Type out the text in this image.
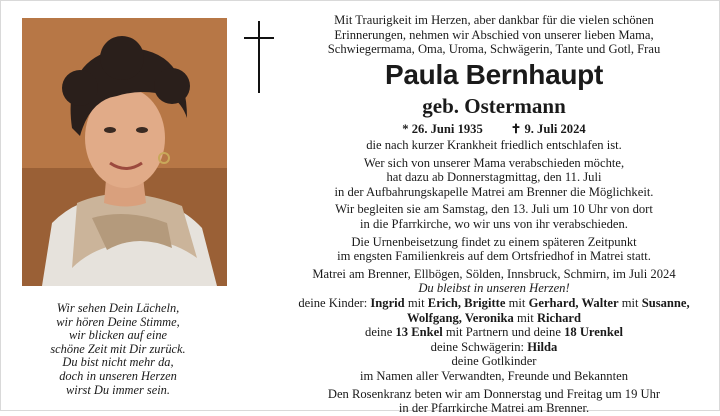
Mit Traurigkeit im Herzen, aber dankbar für die vielen schönen
Erinnerungen, nehmen wir Abschied von unserer lieben Mama,
Schwiegermama, Oma, Uroma, Schwägerin, Tante und Gotl, Frau
Paula Bernhaupt
geb. Ostermann
* 26. Juni 1935 ✝ 9. Juli 2024
die nach kurzer Krankheit friedlich entschlafen ist.
Wer sich von unserer Mama verabschieden möchte,
hat dazu ab Donnerstagmittag, den 11. Juli
in der Aufbahrungskapelle Matrei am Brenner die Möglichkeit.
Wir begleiten sie am Samstag, den 13. Juli um 10 Uhr von dort
in die Pfarrkirche, wo wir uns von ihr verabschieden.
Die Urnenbeisetzung findet zu einem späteren Zeitpunkt
im engsten Familienkreis auf dem Ortsfriedhof in Matrei statt.
Matrei am Brenner, Ellbögen, Sölden, Innsbruck, Schmirn, im Juli 2024
Du bleibst in unseren Herzen!
deine Kinder: Ingrid mit Erich, Brigitte mit Gerhard, Walter mit Susanne,
Wolfgang, Veronika mit Richard
deine 13 Enkel mit Partnern und deine 18 Urenkel
deine Schwägerin: Hilda
deine Gotlkinder
im Namen aller Verwandten, Freunde und Bekannten
Den Rosenkranz beten wir am Donnerstag und Freitag um 19 Uhr
in der Pfarrkirche Matrei am Brenner.
Wir sehen Dein Lächeln,
wir hören Deine Stimme,
wir blicken auf eine
schöne Zeit mit Dir zurück.
Du bist nicht mehr da,
doch in unseren Herzen
wirst Du immer sein.
